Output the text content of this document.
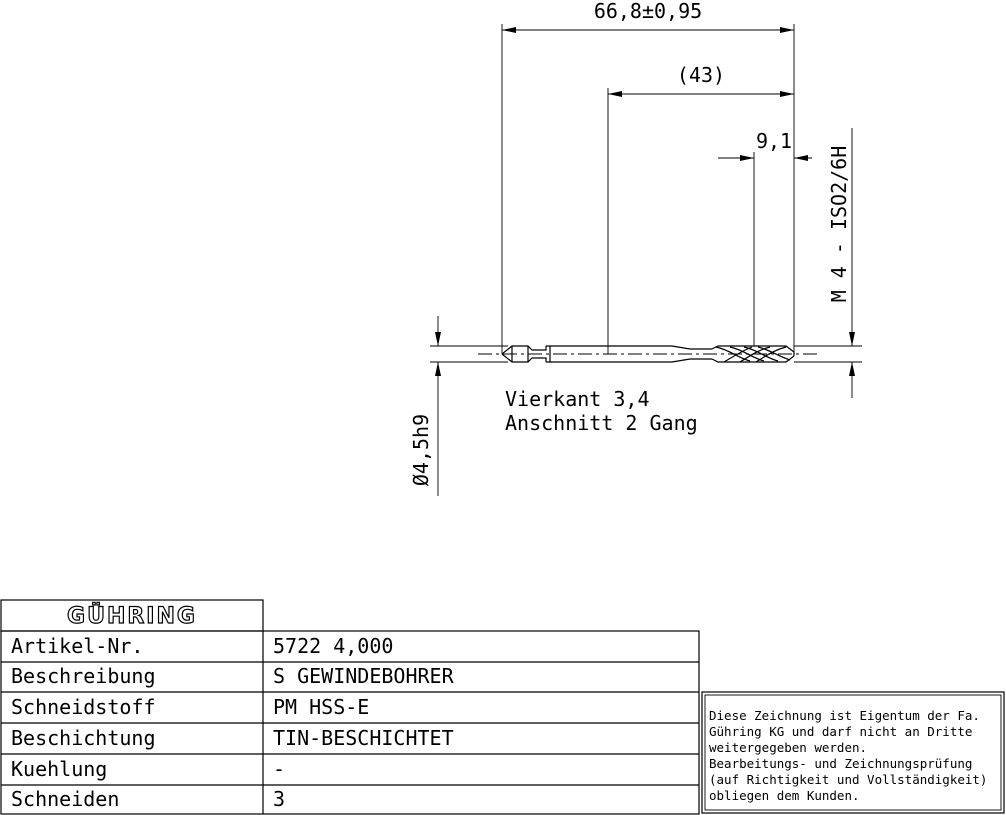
66,8±0,95
(43)
9,1
M 4 - ISO2/6H
Ø4,5h9
Vierkant 3,4
Anschnitt 2 Gang
GÜHRING
Artikel-Nr.	5722 4,000
Beschreibung	S GEWINDEBOHRER
Schneidstoff	PM HSS-E
Beschichtung	TIN-BESCHICHTET
Kuehlung	-
Schneiden	3
Diese Zeichnung ist Eigentum der Fa.
Gühring KG und darf nicht an Dritte
weitergegeben werden.
Bearbeitungs- und Zeichnungsprüfung
(auf Richtigkeit und Vollständigkeit)
obliegen dem Kunden.
